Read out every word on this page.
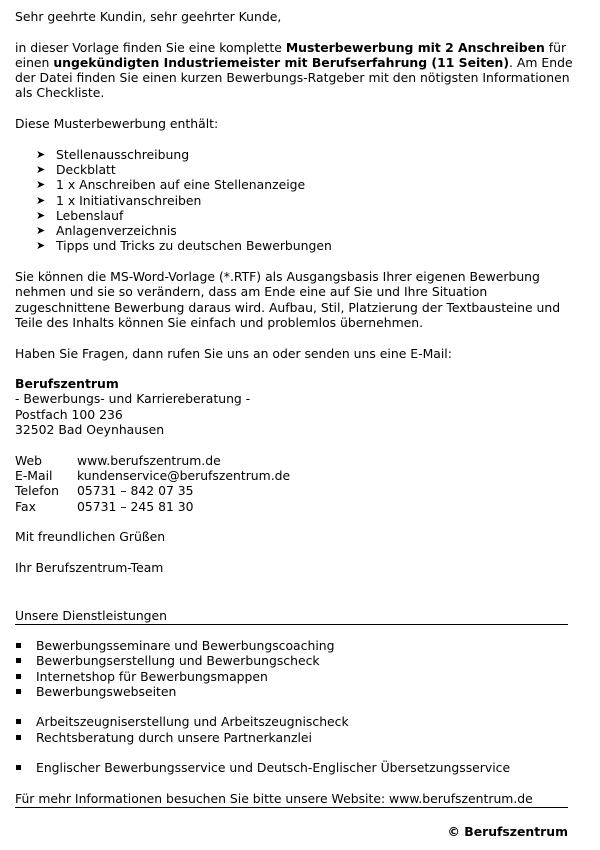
Sehr geehrte Kundin, sehr geehrter Kunde,

in dieser Vorlage finden Sie eine komplette Musterbewerbung mit 2 Anschreiben für einen ungekündigten Industriemeister mit Berufserfahrung (11 Seiten). Am Ende der Datei finden Sie einen kurzen Bewerbungs-Ratgeber mit den nötigsten Informationen als Checkliste.

Diese Musterbewerbung enthält:

➤ Stellenausschreibung
➤ Deckblatt
➤ 1 x Anschreiben auf eine Stellenanzeige
➤ 1 x Initiativanschreiben
➤ Lebenslauf
➤ Anlagenverzeichnis
➤ Tipps und Tricks zu deutschen Bewerbungen

Sie können die MS-Word-Vorlage (*.RTF) als Ausgangsbasis Ihrer eigenen Bewerbung nehmen und sie so verändern, dass am Ende eine auf Sie und Ihre Situation zugeschnittene Bewerbung daraus wird. Aufbau, Stil, Platzierung der Textbausteine und Teile des Inhalts können Sie einfach und problemlos übernehmen.

Haben Sie Fragen, dann rufen Sie uns an oder senden uns eine E-Mail:

Berufszentrum

- Bewerbungs- und Karriereberatung -

Postfach 100 236

32502 Bad Oeynhausen

Web	www.berufszentrum.de
E-Mail	kundenservice@berufszentrum.de
Telefon	05731 – 842 07 35
Fax	05731 – 245 81 30

Mit freundlichen Grüßen

Ihr Berufszentrum-Team

Unsere Dienstleistungen
Bewerbungsseminare und Bewerbungscoaching
Bewerbungserstellung und Bewerbungscheck
Internetshop für Bewerbungsmappen
Bewerbungswebseiten
Arbeitszeugniserstellung und Arbeitszeugnischeck
Rechtsberatung durch unsere Partnerkanzlei
Englischer Bewerbungsservice und Deutsch-Englischer Übersetzungsservice
Für mehr Informationen besuchen Sie bitte unsere Website: www.berufszentrum.de
© Berufszentrum
